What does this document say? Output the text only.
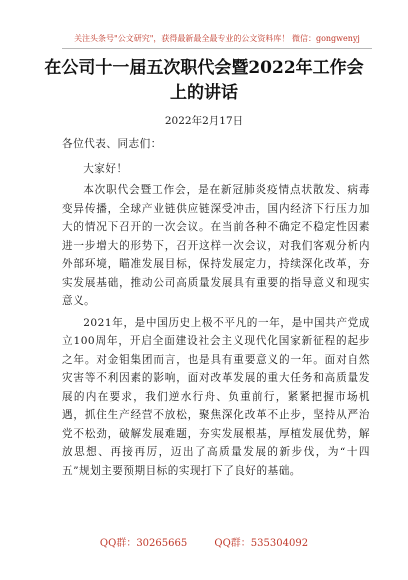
关注头条号"公文研究"，获得最新最全最专业的公文资料库！ 微信：gongwenyj
在公司十一届五次职代会暨2022年工作会上的讲话
2022年2月17日

各位代表、同志们：

大家好！

本次职代会暨工作会，是在新冠肺炎疫情点状散发、病毒变异传播，全球产业链供应链深受冲击，国内经济下行压力加大的情况下召开的一次会议。在当前各种不确定不稳定性因素进一步增大的形势下，召开这样一次会议，对我们客观分析内外部环境，瞄准发展目标，保持发展定力，持续深化改革，夯实发展基础，推动公司高质量发展具有重要的指导意义和现实意义。

2021年，是中国历史上极不平凡的一年，是中国共产党成立100周年，开启全面建设社会主义现代化国家新征程的起步之年。对金钼集团而言，也是具有重要意义的一年。面对自然灾害等不利因素的影响，面对改革发展的重大任务和高质量发展的内在要求，我们逆水行舟、负重前行，紧紧把握市场机遇，抓住生产经营不放松，聚焦深化改革不止步，坚持从严治党不松劲，破解发展难题，夯实发展根基，厚植发展优势，解放思想、再接再厉，迈出了高质量发展的新步伐，为“十四五”规划主要预期目标的实现打下了良好的基础。

QQ群：30265665	QQ群：535304092
